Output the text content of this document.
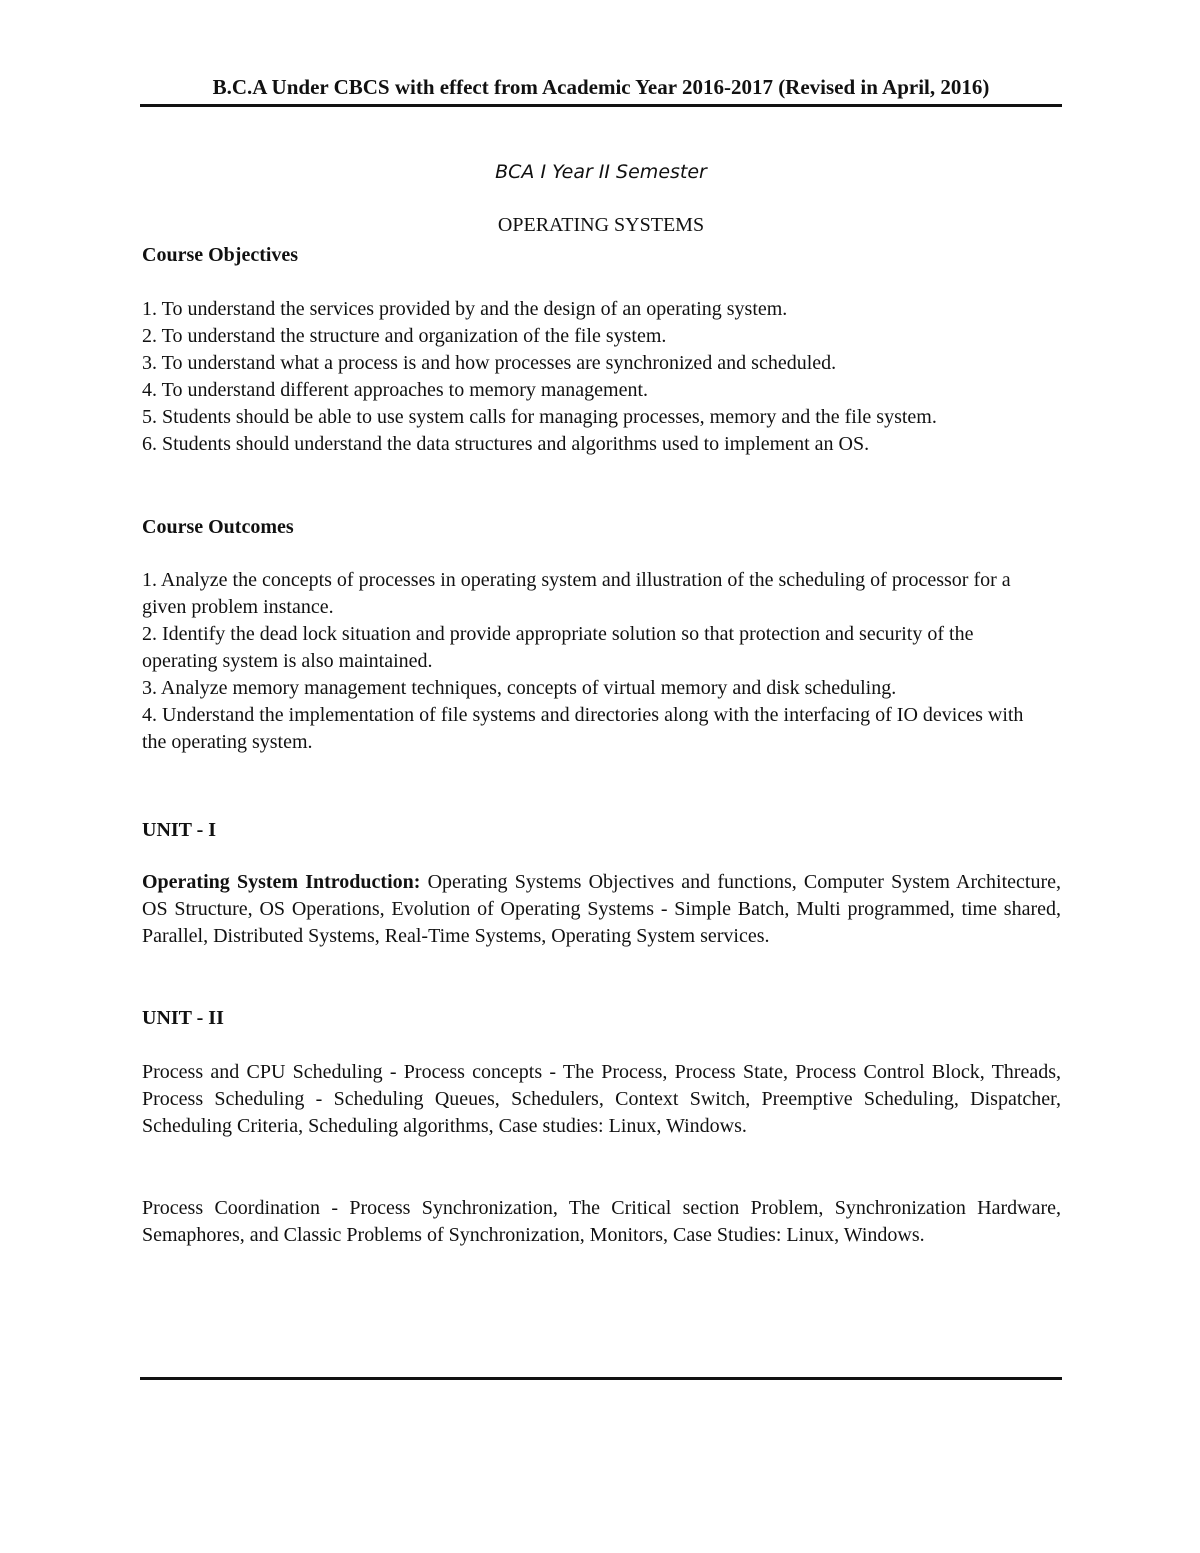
B.C.A Under CBCS with effect from Academic Year 2016-2017 (Revised in April, 2016)
BCA I Year II Semester
OPERATING SYSTEMS
Course Objectives
1. To understand the services provided by and the design of an operating system.
2. To understand the structure and organization of the file system.
3. To understand what a process is and how processes are synchronized and scheduled.
4. To understand different approaches to memory management.
5. Students should be able to use system calls for managing processes, memory and the file system.
6. Students should understand the data structures and algorithms used to implement an OS.
Course Outcomes
1. Analyze the concepts of processes in operating system and illustration of the scheduling of processor for a given problem instance.
2. Identify the dead lock situation and provide appropriate solution so that protection and security of the operating system is also maintained.
3. Analyze memory management techniques, concepts of virtual memory and disk scheduling.
4. Understand the implementation of file systems and directories along with the interfacing of IO devices with the operating system.
UNIT - I

Operating System Introduction: Operating Systems Objectives and functions, Computer System Architecture, OS Structure, OS Operations, Evolution of Operating Systems - Simple Batch, Multi programmed, time shared, Parallel, Distributed Systems, Real-Time Systems, Operating System services.

UNIT - II

Process and CPU Scheduling - Process concepts - The Process, Process State, Process Control Block, Threads, Process Scheduling - Scheduling Queues, Schedulers, Context Switch, Preemptive Scheduling, Dispatcher, Scheduling Criteria, Scheduling algorithms, Case studies: Linux, Windows.

Process Coordination - Process Synchronization, The Critical section Problem, Synchronization Hardware, Semaphores, and Classic Problems of Synchronization, Monitors, Case Studies: Linux, Windows.
